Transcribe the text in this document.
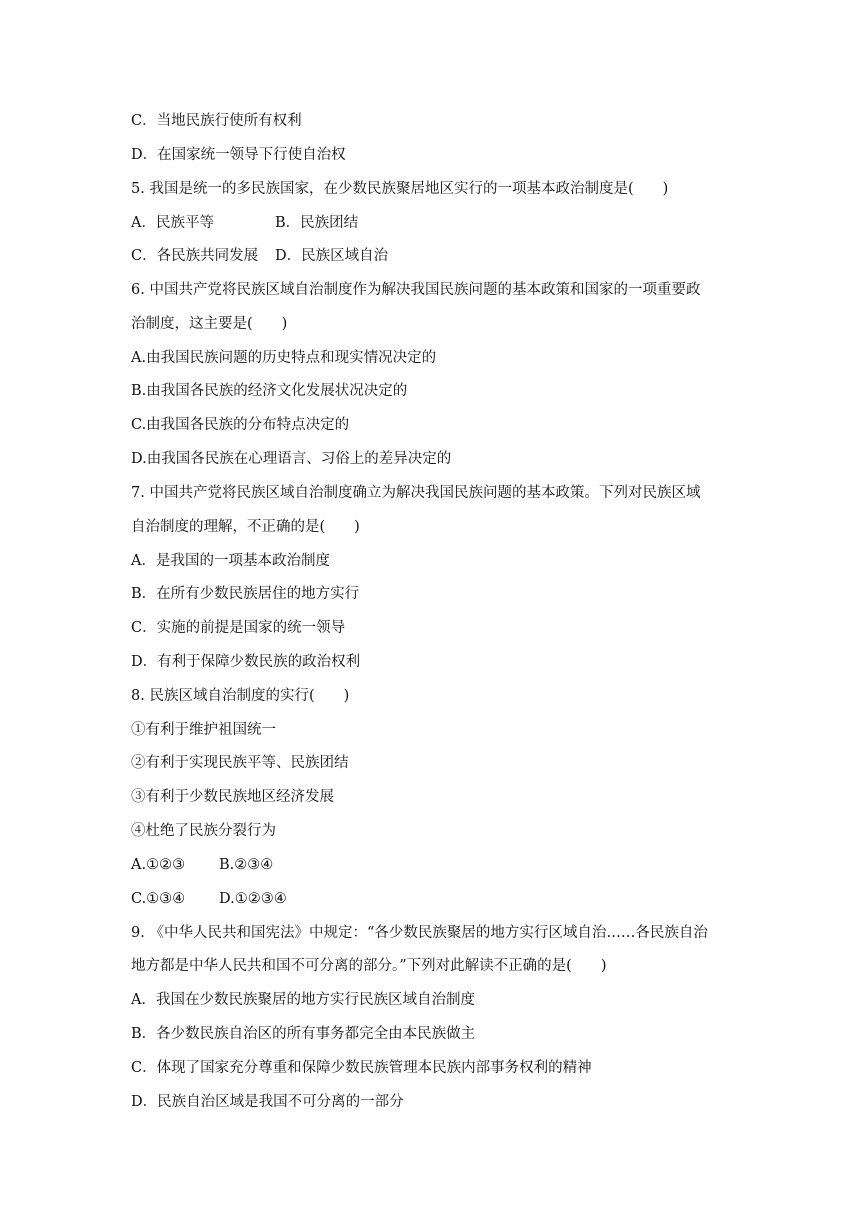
C．当地民族行使所有权利
D．在国家统一领导下行使自治权
5. 我国是统一的多民族国家，在少数民族聚居地区实行的一项基本政治制度是(　　)
A．民族平等	B．民族团结
C．各民族共同发展 D．民族区域自治
6. 中国共产党将民族区域自治制度作为解决我国民族问题的基本政策和国家的一项重要政
治制度，这主要是(　　)
A.由我国民族问题的历史特点和现实情况决定的
B.由我国各民族的经济文化发展状况决定的
C.由我国各民族的分布特点决定的
D.由我国各民族在心理语言、习俗上的差异决定的
7. 中国共产党将民族区域自治制度确立为解决我国民族问题的基本政策。下列对民族区域
自治制度的理解，不正确的是(　　)
A．是我国的一项基本政治制度
B．在所有少数民族居住的地方实行
C．实施的前提是国家的统一领导
D．有利于保障少数民族的政治权利
8. 民族区域自治制度的实行(　　)
①有利于维护祖国统一
②有利于实现民族平等、民族团结
③有利于少数民族地区经济发展
④杜绝了民族分裂行为
A.①②③ B.②③④
C.①③④ D.①②③④
9. 《中华人民共和国宪法》中规定：“各少数民族聚居的地方实行区域自治……各民族自治
地方都是中华人民共和国不可分离的部分。”下列对此解读不正确的是(　　)
A．我国在少数民族聚居的地方实行民族区域自治制度
B．各少数民族自治区的所有事务都完全由本民族做主
C．体现了国家充分尊重和保障少数民族管理本民族内部事务权利的精神
D．民族自治区域是我国不可分离的一部分
